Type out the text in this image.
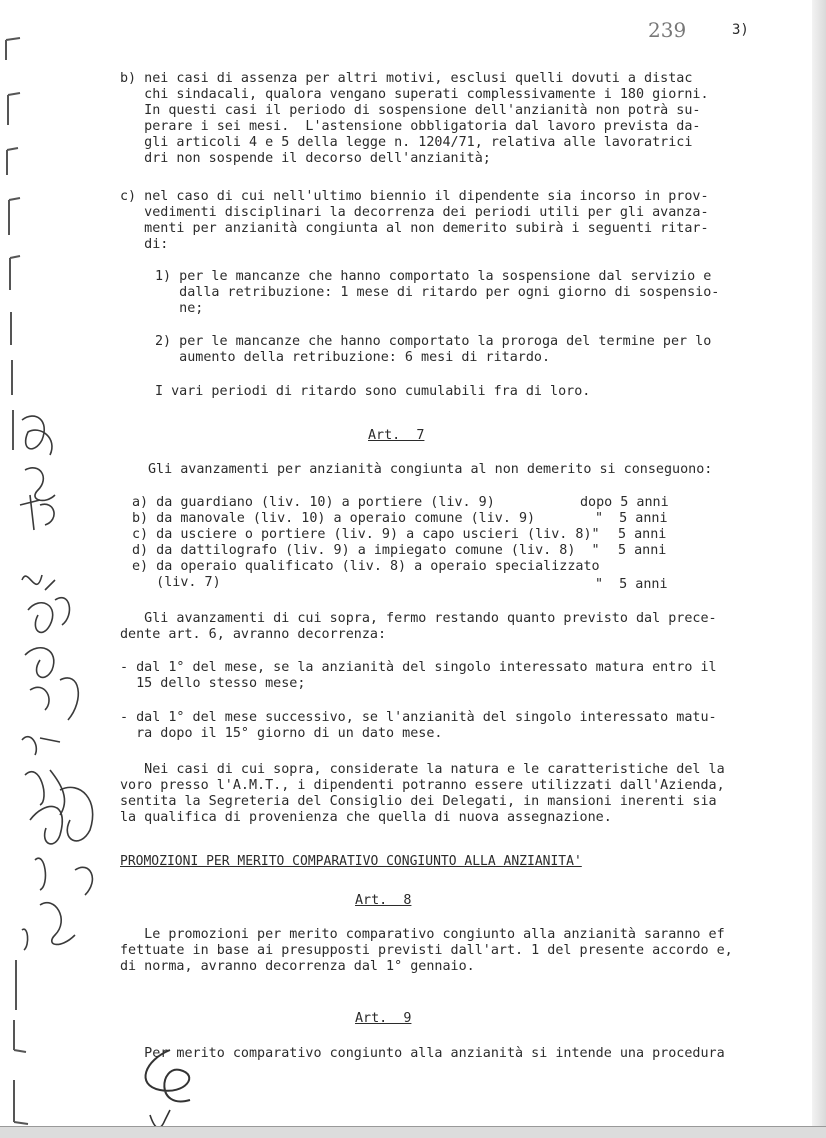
239	3)
b) nei casi di assenza per altri motivi, esclusi quelli dovuti a distac
chi sindacali, qualora vengano superati complessivamente i 180 giorni.
In questi casi il periodo di sospensione dell'anzianità non potrà su-
perare i sei mesi.  L'astensione obbligatoria dal lavoro prevista da-
gli articoli 4 e 5 della legge n. 1204/71, relativa alle lavoratrici
dri non sospende il decorso dell'anzianità;
c) nel caso di cui nell'ultimo biennio il dipendente sia incorso in prov-
vedimenti disciplinari la decorrenza dei periodi utili per gli avanza-
menti per anzianità congiunta al non demerito subirà i seguenti ritar-
di:
1) per le mancanze che hanno comportato la sospensione dal servizio e
dalla retribuzione: 1 mese di ritardo per ogni giorno di sospensio-
ne;
2) per le mancanze che hanno comportato la proroga del termine per lo
aumento della retribuzione: 6 mesi di ritardo.
I vari periodi di ritardo sono cumulabili fra di loro.
Art.  7
Gli avanzamenti per anzianità congiunta al non demerito si conseguono:
a) da guardiano (liv. 10) a portiere (liv. 9)	dopo 5 anni
b) da manovale (liv. 10) a operaio comune (liv. 9)	"  5 anni
c) da usciere o portiere (liv. 9) a capo uscieri (liv. 8)" 5 anni
d) da dattilografo (liv. 9) a impiegato comune (liv. 8)  " 5 anni
e) da operaio qualificato (liv. 8) a operaio specializzato
(liv. 7)	"  5 anni
Gli avanzamenti di cui sopra, fermo restando quanto previsto dal prece-
dente art. 6, avranno decorrenza:
- dal 1° del mese, se la anzianità del singolo interessato matura entro il
15 dello stesso mese;
- dal 1° del mese successivo, se l'anzianità del singolo interessato matu-
ra dopo il 15° giorno di un dato mese.
Nei casi di cui sopra, considerate la natura e le caratteristiche del la
voro presso l'A.M.T., i dipendenti potranno essere utilizzati dall'Azienda,
sentita la Segreteria del Consiglio dei Delegati, in mansioni inerenti sia
la qualifica di provenienza che quella di nuova assegnazione.
PROMOZIONI PER MERITO COMPARATIVO CONGIUNTO ALLA ANZIANITA'
Art.  8
Le promozioni per merito comparativo congiunto alla anzianità saranno ef
fettuate in base ai presupposti previsti dall'art. 1 del presente accordo e,
di norma, avranno decorrenza dal 1° gennaio.
Art.  9
Per merito comparativo congiunto alla anzianità si intende una procedura
